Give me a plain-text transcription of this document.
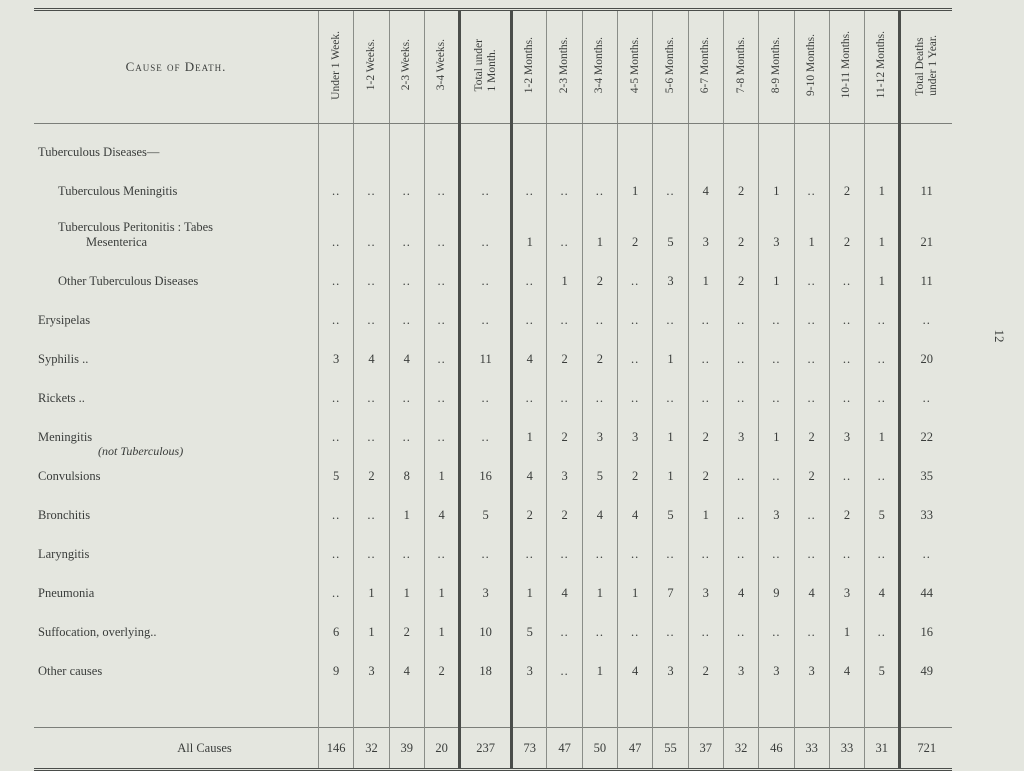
12
Cause of Death.	Under 1 Week.	1-2 Weeks.	2-3 Weeks.	3-4 Weeks.	Total under
1 Month.	1-2 Months.	2-3 Months.	3-4 Months.	4-5 Months.	5-6 Months.	6-7 Months.	7-8 Months.	8-9 Months.	9-10 Months.	10-11 Months.	11-12 Months.	Total Deaths
under 1 Year.
Tuberculous Diseases—																	
Tuberculous Meningitis	..	..	..	..	..	..	..	..	1	..	4	2	1	..	2	1	11

Tuberculous Peritonitis : Tabes
Mesenterica	..	..	..	..	..	1	..	1	2	5	3	2	3	1	2	1	21
Other Tuberculous Diseases	..	..	..	..	..	..	1	2	..	3	1	2	1	..	..	1	11
Erysipelas	..	..	..	..	..	..	..	..	..	..	..	..	..	..	..	..	..
Syphilis ..	3	4	4	..	11	4	2	2	..	1	..	..	..	..	..	..	20
Rickets ..	..	..	..	..	..	..	..	..	..	..	..	..	..	..	..	..	..
Meningitis
(not Tuberculous)	..	..	..	..	..	1	2	3	3	1	2	3	1	2	3	1	22
Convulsions	5	2	8	1	16	4	3	5	2	1	2	..	..	2	..	..	35
Bronchitis	..	..	1	4	5	2	2	4	4	5	1	..	3	..	2	5	33
Laryngitis	..	..	..	..	..	..	..	..	..	..	..	..	..	..	..	..	..
Pneumonia	..	1	1	1	3	1	4	1	1	7	3	4	9	4	3	4	44
Suffocation, overlying..	6	1	2	1	10	5	..	..	..	..	..	..	..	..	1	..	16
Other causes	9	3	4	2	18	3	..	1	4	3	2	3	3	3	4	5	49

All Causes	146	32	39	20	237	73	47	50	47	55	37	32	46	33	33	31	721
